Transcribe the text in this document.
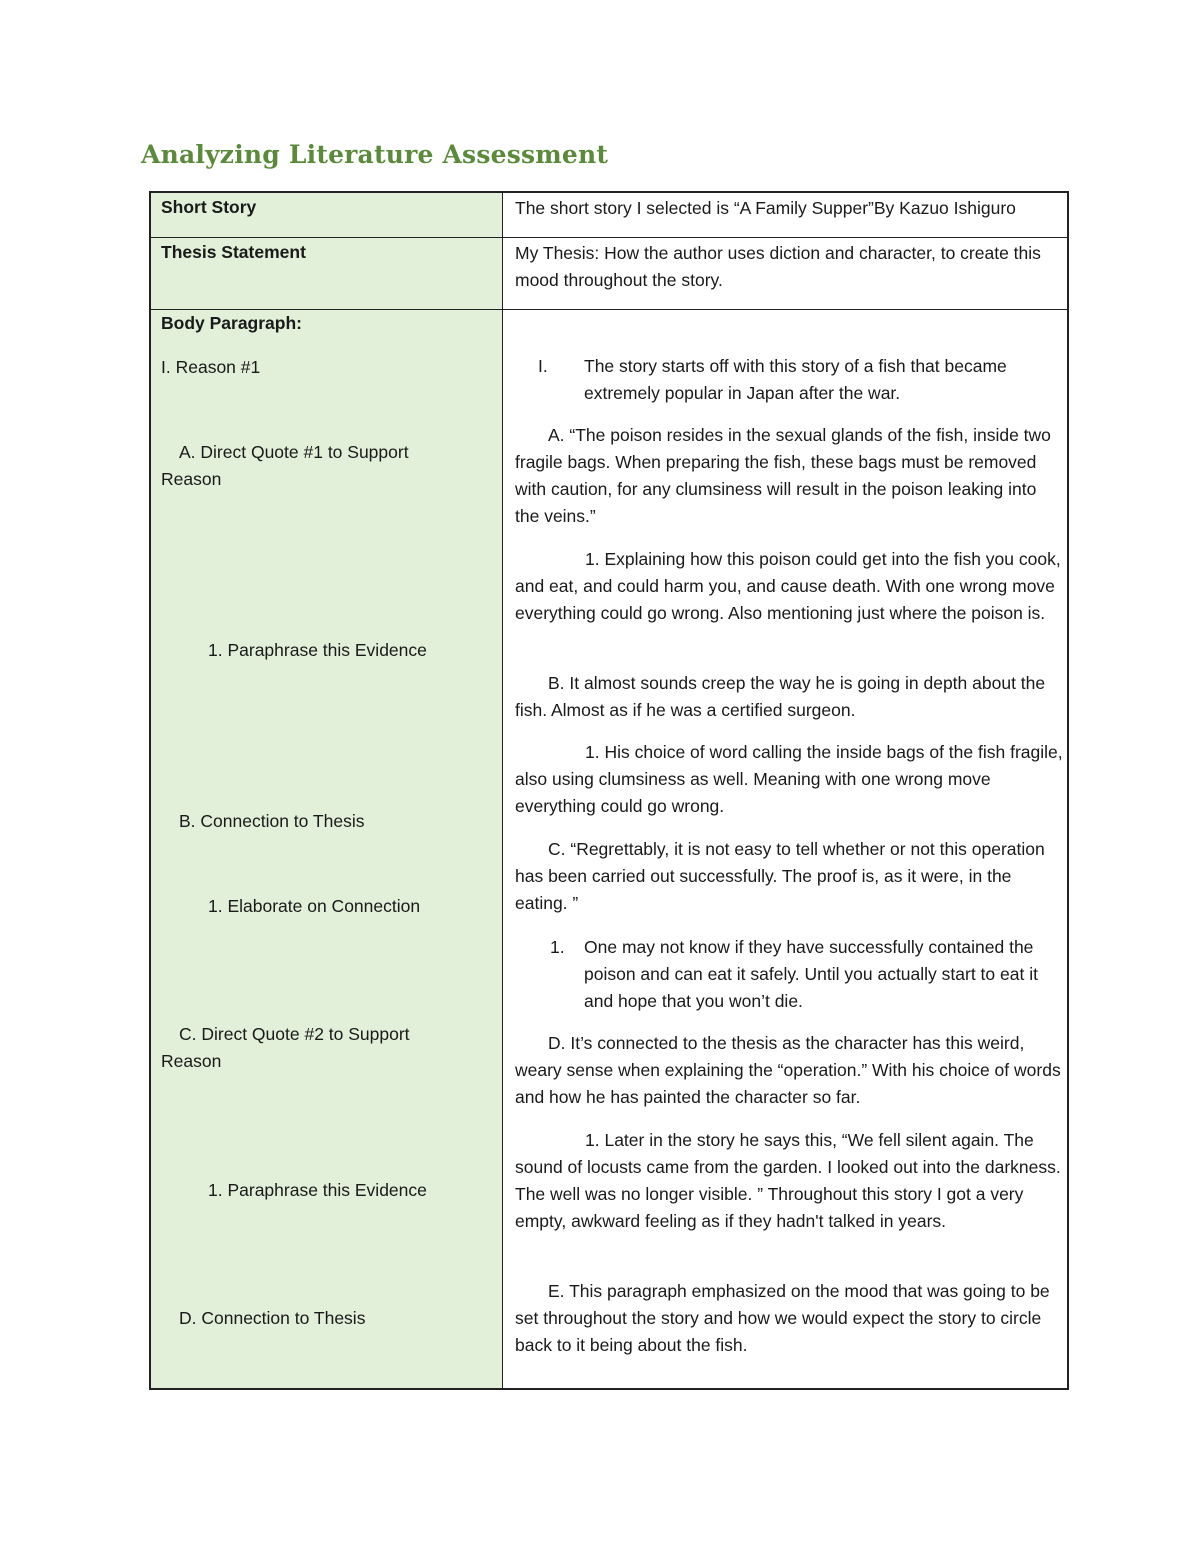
Analyzing Literature Assessment
Short Story	The short story I selected is “A Family Supper”By Kazuo Ishiguro
Thesis Statement	My Thesis: How the author uses diction and character, to create this mood throughout the story.
Body Paragraph:
I. Reason #1
A. Direct Quote #1 to Support Reason
1. Paraphrase this Evidence
B. Connection to Thesis
1. Elaborate on Connection
C. Direct Quote #2 to Support Reason
1. Paraphrase this Evidence
D. Connection to Thesis
I. The story starts off with this story of a fish that became extremely popular in Japan after the war.
A. “The poison resides in the sexual glands of the fish, inside two fragile bags. When preparing the fish, these bags must be removed with caution, for any clumsiness will result in the poison leaking into the veins.”
1. Explaining how this poison could get into the fish you cook, and eat, and could harm you, and cause death. With one wrong move everything could go wrong. Also mentioning just where the poison is.
B. It almost sounds creep the way he is going in depth about the fish. Almost as if he was a certified surgeon.
1. His choice of word calling the inside bags of the fish fragile, also using clumsiness as well. Meaning with one wrong move everything could go wrong.
C. “Regrettably, it is not easy to tell whether or not this operation has been carried out successfully. The proof is, as it were, in the eating. ”
1. One may not know if they have successfully contained the poison and can eat it safely. Until you actually start to eat it and hope that you won’t die.
D. It’s connected to the thesis as the character has this weird, weary sense when explaining the “operation.” With his choice of words and how he has painted the character so far.
1. Later in the story he says this, “We fell silent again. The sound of locusts came from the garden. I looked out into the darkness. The well was no longer visible. ” Throughout this story I got a very empty, awkward feeling as if they hadn't talked in years.
E. This paragraph emphasized on the mood that was going to be set throughout the story and how we would expect the story to circle back to it being about the fish.
